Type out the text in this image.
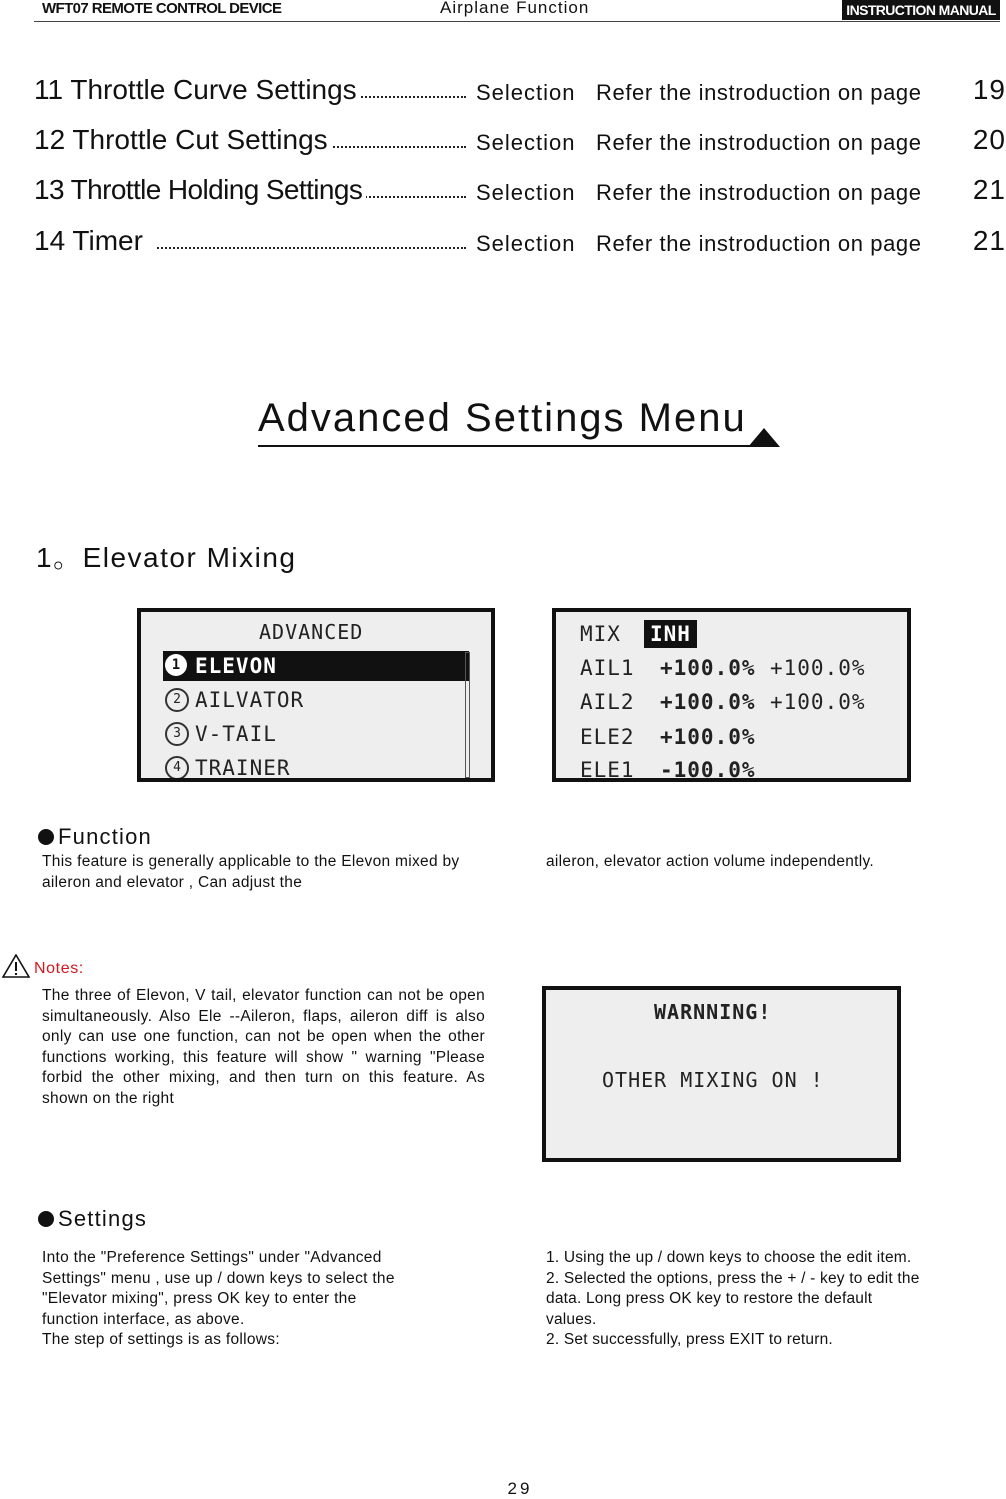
WFT07 REMOTE CONTROL DEVICE	Airplane Function	INSTRUCTION MANUAL
11 Throttle Curve Settings	Selection Refer the instroduction on page 19
12 Throttle Cut Settings	Selection Refer the instroduction on page 20
13 Throttle Holding Settings	Selection Refer the instroduction on page 21
14 Timer	Selection Refer the instroduction on page 21
Advanced Settings Menu
1。Elevator Mixing
ADVANCED
1 ELEVON
2 AILVATOR
3 V-TAIL
4 TRAINER
MIX INH
AIL1 +100.0% +100.0%
AIL2 +100.0% +100.0%
ELE2 +100.0%
ELE1 -100.0%
Function
This feature is generally applicable to the Elevon mixed by aileron and elevator , Can adjust the
aileron, elevator action volume independently.
Notes:
The three of Elevon, V tail, elevator function can not be open simultaneously. Also Ele --Aileron, flaps, aileron diff is also only can use one function, can not be open when the other functions working, this feature will show " warning "Please forbid the other mixing, and then turn on this feature. As shown on the right
WARNNING!
OTHER MIXING ON !
Settings
Into the "Preference Settings" under "Advanced
Settings" menu , use up / down keys to select the
"Elevator mixing", press OK key to enter the
function interface, as above.
The step of settings is as follows:
1. Using the up / down keys to choose the edit item.
2. Selected the options, press the + / - key to edit the
data. Long press OK key to restore the default
values.
2. Set successfully, press EXIT to return.
29
